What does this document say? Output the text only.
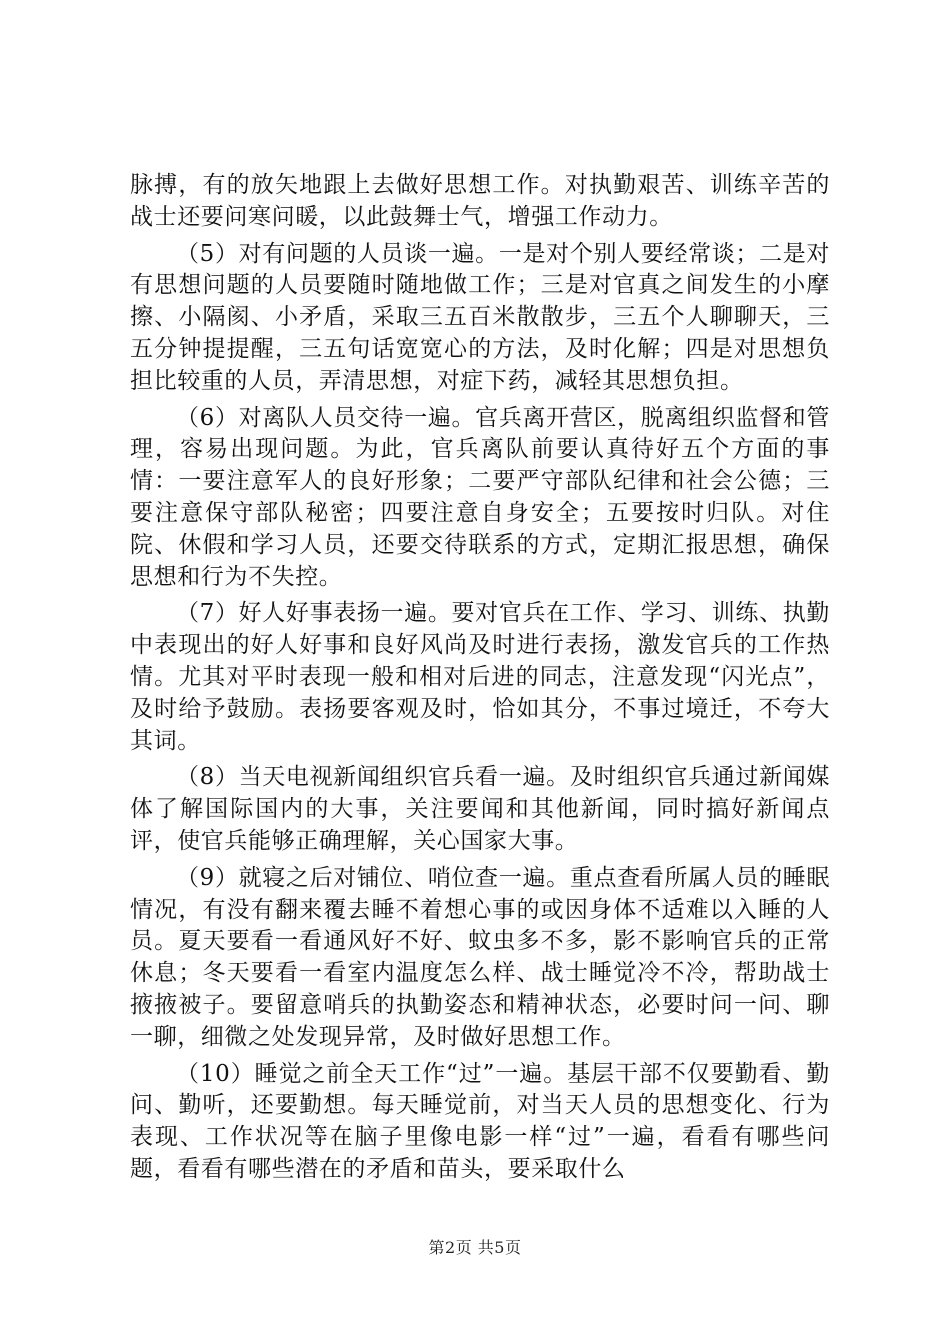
脉搏，有的放矢地跟上去做好思想工作。对执勤艰苦、训练辛苦的战士还要问寒问暖，以此鼓舞士气，增强工作动力。

（5）对有问题的人员谈一遍。一是对个别人要经常谈；二是对有思想问题的人员要随时随地做工作；三是对官真之间发生的小摩擦、小隔阂、小矛盾，采取三五百米散散步，三五个人聊聊天，三五分钟提提醒，三五句话宽宽心的方法，及时化解；四是对思想负担比较重的人员，弄清思想，对症下药，减轻其思想负担。

（6）对离队人员交待一遍。官兵离开营区，脱离组织监督和管理，容易出现问题。为此，官兵离队前要认真待好五个方面的事情：一要注意军人的良好形象；二要严守部队纪律和社会公德；三要注意保守部队秘密；四要注意自身安全；五要按时归队。对住院、休假和学习人员，还要交待联系的方式，定期汇报思想，确保思想和行为不失控。

（7）好人好事表扬一遍。要对官兵在工作、学习、训练、执勤中表现出的好人好事和良好风尚及时进行表扬，激发官兵的工作热情。尤其对平时表现一般和相对后进的同志，注意发现“闪光点”，及时给予鼓励。表扬要客观及时，恰如其分，不事过境迁，不夸大其词。

（8）当天电视新闻组织官兵看一遍。及时组织官兵通过新闻媒体了解国际国内的大事，关注要闻和其他新闻，同时搞好新闻点评，使官兵能够正确理解，关心国家大事。

（9）就寝之后对铺位、哨位查一遍。重点查看所属人员的睡眠情况，有没有翻来覆去睡不着想心事的或因身体不适难以入睡的人员。夏天要看一看通风好不好、蚊虫多不多，影不影响官兵的正常休息；冬天要看一看室内温度怎么样、战士睡觉冷不冷，帮助战士掖掖被子。要留意哨兵的执勤姿态和精神状态，必要时问一问、聊一聊，细微之处发现异常，及时做好思想工作。

（10）睡觉之前全天工作“过”一遍。基层干部不仅要勤看、勤问、勤听，还要勤想。每天睡觉前，对当天人员的思想变化、行为表现、工作状况等在脑子里像电影一样“过”一遍，看看有哪些问题，看看有哪些潜在的矛盾和苗头，要采取什么

第2页 共5页
